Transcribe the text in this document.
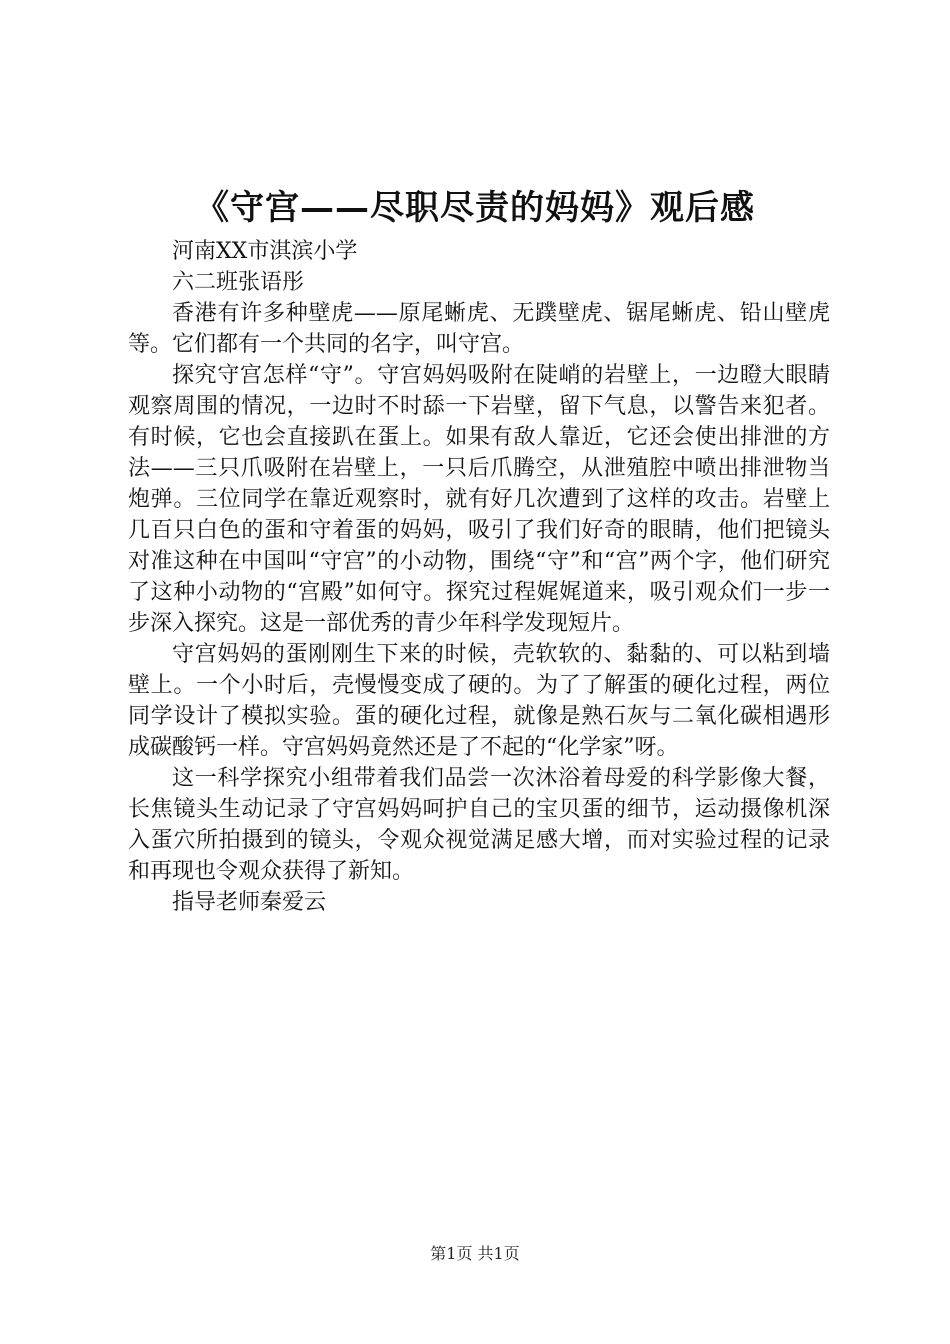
《守宫——尽职尽责的妈妈》观后感

河南XX市淇滨小学

六二班张语彤

香港有许多种壁虎——原尾蜥虎、无蹼壁虎、锯尾蜥虎、铅山壁虎等。它们都有一个共同的名字，叫守宫。

探究守宫怎样“守”。守宫妈妈吸附在陡峭的岩壁上，一边瞪大眼睛观察周围的情况，一边时不时舔一下岩壁，留下气息，以警告来犯者。有时候，它也会直接趴在蛋上。如果有敌人靠近，它还会使出排泄的方法——三只爪吸附在岩壁上，一只后爪腾空，从泄殖腔中喷出排泄物当炮弹。三位同学在靠近观察时，就有好几次遭到了这样的攻击。岩壁上几百只白色的蛋和守着蛋的妈妈，吸引了我们好奇的眼睛，他们把镜头对准这种在中国叫“守宫”的小动物，围绕“守”和“宫”两个字，他们研究了这种小动物的“宫殿”如何守。探究过程娓娓道来，吸引观众们一步一步深入探究。这是一部优秀的青少年科学发现短片。

守宫妈妈的蛋刚刚生下来的时候，壳软软的、黏黏的、可以粘到墙壁上。一个小时后，壳慢慢变成了硬的。为了了解蛋的硬化过程，两位同学设计了模拟实验。蛋的硬化过程，就像是熟石灰与二氧化碳相遇形成碳酸钙一样。守宫妈妈竟然还是了不起的“化学家”呀。

这一科学探究小组带着我们品尝一次沐浴着母爱的科学影像大餐，长焦镜头生动记录了守宫妈妈呵护自己的宝贝蛋的细节，运动摄像机深入蛋穴所拍摄到的镜头，令观众视觉满足感大增，而对实验过程的记录和再现也令观众获得了新知。

指导老师秦爱云

第1页 共1页
